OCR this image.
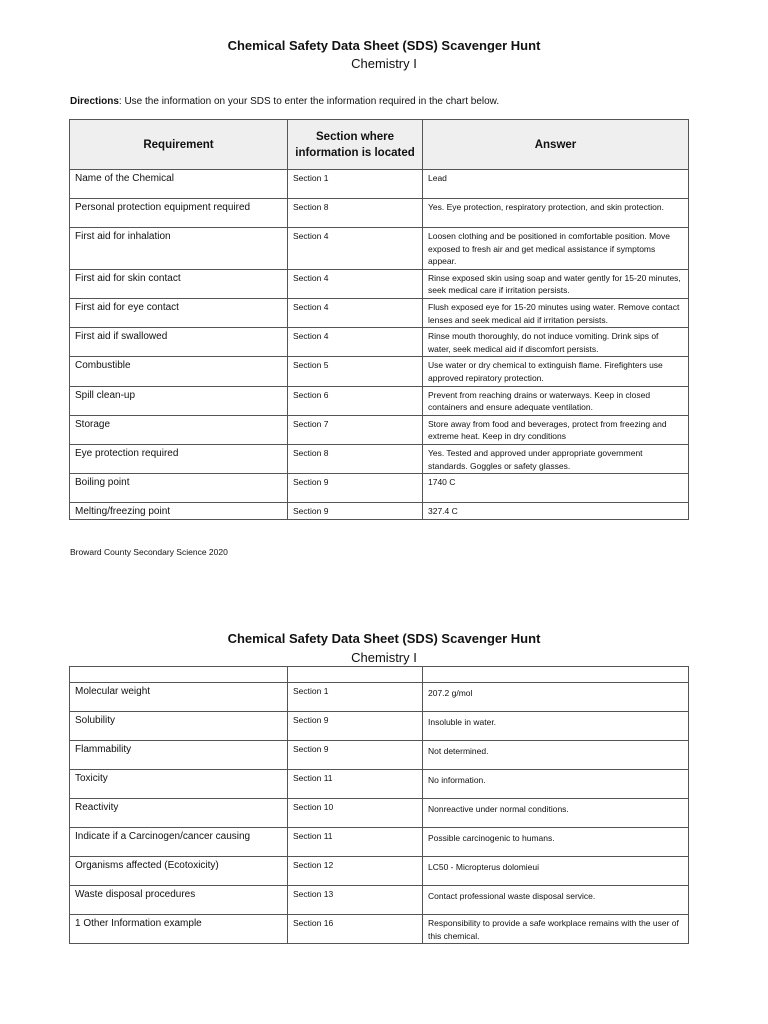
Chemical Safety Data Sheet (SDS) Scavenger Hunt
Chemistry I
Directions: Use the information on your SDS to enter the information required in the chart below.
Requirement	Section where information is located	Answer
Name of the Chemical	Section 1	Lead
Personal protection equipment required	Section 8	Yes. Eye protection, respiratory protection, and skin protection.
First aid for inhalation	Section 4	Loosen clothing and be positioned in comfortable position. Move exposed to fresh air and get medical assistance if symptoms appear.
First aid for skin contact	Section 4	Rinse exposed skin using soap and water gently for 15-20 minutes, seek medical care if irritation persists.
First aid for eye contact	Section 4	Flush exposed eye for 15-20 minutes using water. Remove contact lenses and seek medical aid if irritation persists.
First aid if swallowed	Section 4	Rinse mouth thoroughly, do not induce vomiting. Drink sips of water, seek medical aid if discomfort persists.
Combustible	Section 5	Use water or dry chemical to extinguish flame. Firefighters use approved repiratory protection.
Spill clean-up	Section 6	Prevent from reaching drains or waterways. Keep in closed containers and ensure adequate ventilation.
Storage	Section 7	Store away from food and beverages, protect from freezing and extreme heat. Keep in dry conditions
Eye protection required	Section 8	Yes. Tested and approved under appropriate government standards. Goggles or safety glasses.
Boiling point	Section 9	1740 C
Melting/freezing point	Section 9	327.4 C
Broward County Secondary Science 2020
Chemical Safety Data Sheet (SDS) Scavenger Hunt
Chemistry I

Molecular weight	Section 1	207.2 g/mol
Solubility	Section 9	Insoluble in water.
Flammability	Section 9	Not determined.
Toxicity	Section 11	No information.
Reactivity	Section 10	Nonreactive under normal conditions.
Indicate if a Carcinogen/cancer causing	Section 11	Possible carcinogenic to humans.
Organisms affected (Ecotoxicity)	Section 12	LC50 - Micropterus dolomieui
Waste disposal procedures	Section 13	Contact professional waste disposal service.
1 Other Information example	Section 16	Responsibility to provide a safe workplace remains with the user of this chemical.
